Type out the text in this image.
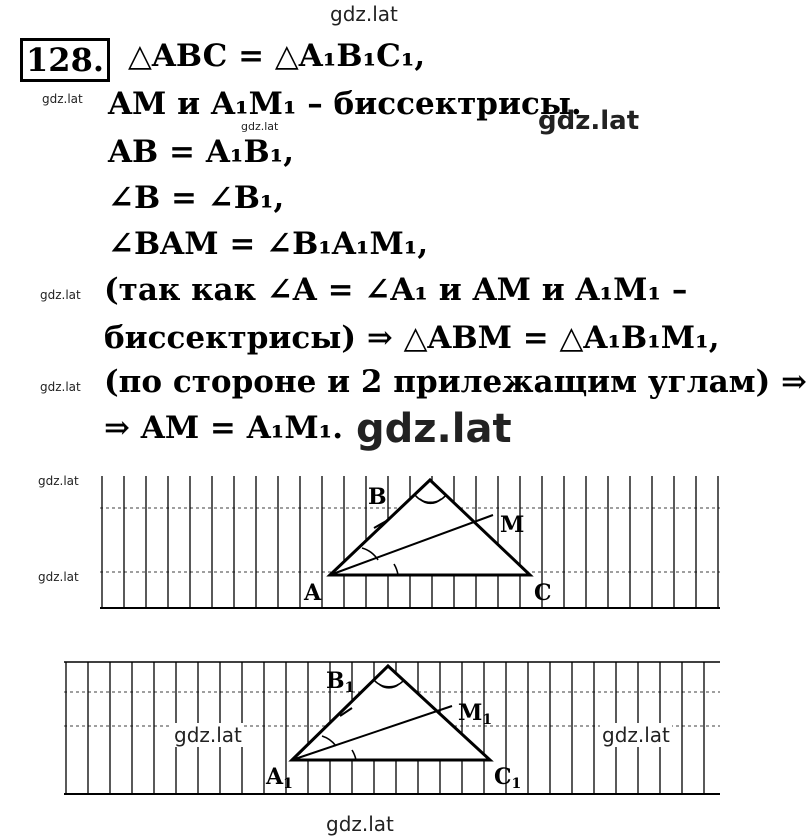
gdz.lat
gdz.lat
gdz.lat
gdz.lat
gdz.lat
gdz.lat
gdz.lat
128. △ABC = △A₁B₁C₁,
AM и A₁M₁ – биссектрисы.
AB = A₁B₁,
∠B = ∠B₁,
∠BAM = ∠B₁A₁M₁,
(так как ∠A = ∠A₁ и AM и A₁M₁ –
биссектрисы) ⇒ △ABM = △A₁B₁M₁,
(по стороне и 2 прилежащим углам) ⇒
⇒ AM = A₁M₁.
gdz.lat
gdz.lat
B
M
A	C
B1
M1
A1	C1
gdz.lat	gdz.lat
gdz.lat
